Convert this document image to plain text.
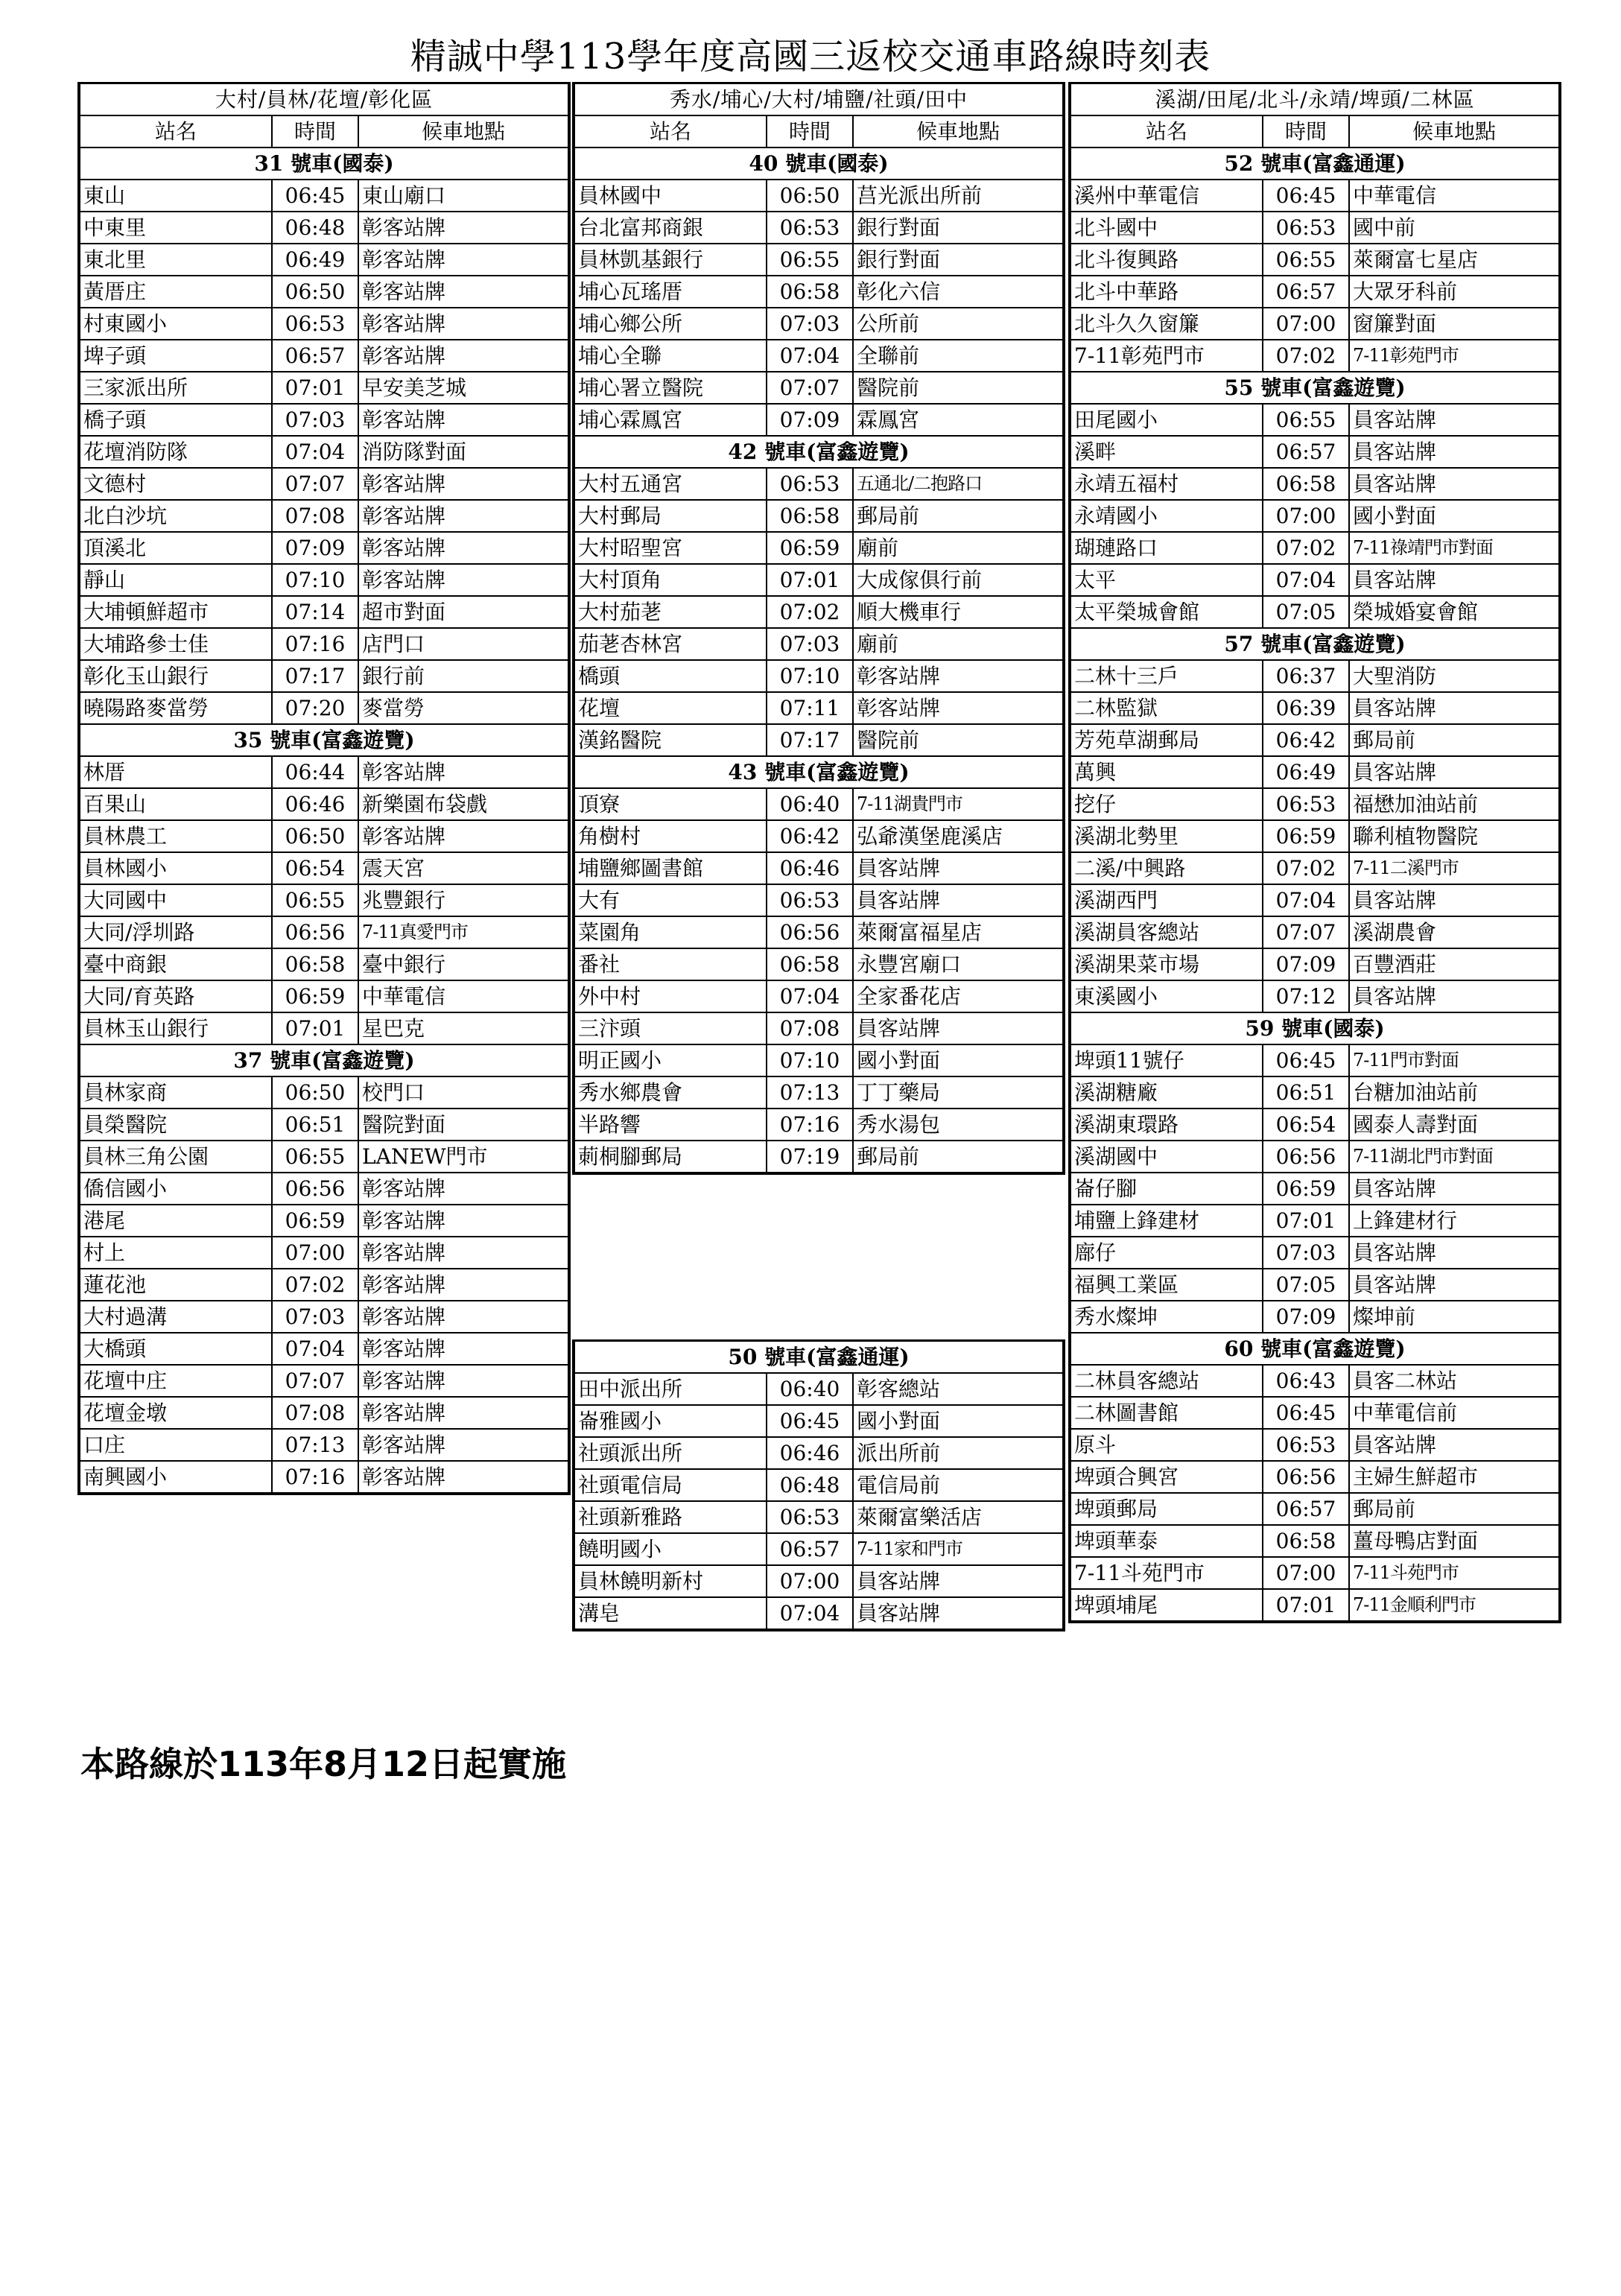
精誠中學113學年度高國三返校交通車路線時刻表
大村/員林/花壇/彰化區
站名	時間	候車地點
31 號車(國泰)
東山	06:45 東山廟口
中東里	06:48 彰客站牌
東北里	06:49 彰客站牌
黃厝庄	06:50 彰客站牌
村東國小	06:53 彰客站牌
埤子頭	06:57 彰客站牌
三家派出所	07:01 早安美芝城
橋子頭	07:03 彰客站牌
花壇消防隊	07:04 消防隊對面
文德村	07:07 彰客站牌
北白沙坑	07:08 彰客站牌
頂溪北	07:09 彰客站牌
靜山	07:10 彰客站牌
大埔頓鮮超市	07:14 超市對面
大埔路參士佳	07:16 店門口
彰化玉山銀行	07:17 銀行前
曉陽路麥當勞	07:20 麥當勞
35 號車(富鑫遊覽)
林厝	06:44 彰客站牌
百果山	06:46 新樂園布袋戲
員林農工	06:50 彰客站牌
員林國小	06:54 震天宮
大同國中	06:55 兆豐銀行
大同/浮圳路	06:56 7-11真愛門市
臺中商銀	06:58 臺中銀行
大同/育英路	06:59 中華電信
員林玉山銀行	07:01 星巴克
37 號車(富鑫遊覽)
員林家商	06:50 校門口
員榮醫院	06:51 醫院對面
員林三角公園	06:55 LANEW門市
僑信國小	06:56 彰客站牌
港尾	06:59 彰客站牌
村上	07:00 彰客站牌
蓮花池	07:02 彰客站牌
大村過溝	07:03 彰客站牌
大橋頭	07:04 彰客站牌
花壇中庄	07:07 彰客站牌
花壇金墩	07:08 彰客站牌
口庄	07:13 彰客站牌
南興國小	07:16 彰客站牌
秀水/埔心/大村/埔鹽/社頭/田中
站名	時間	候車地點
40 號車(國泰)
員林國中	06:50 莒光派出所前
台北富邦商銀	06:53 銀行對面
員林凱基銀行	06:55 銀行對面
埔心瓦瑤厝	06:58 彰化六信
埔心鄉公所	07:03 公所前
埔心全聯	07:04 全聯前
埔心署立醫院	07:07 醫院前
埔心霖鳳宮	07:09 霖鳳宮
42 號車(富鑫遊覽)
大村五通宮	06:53 五通北/二抱路口
大村郵局	06:58 郵局前
大村昭聖宮	06:59 廟前
大村頂角	07:01 大成傢俱行前
大村茄荖	07:02 順大機車行
茄荖杏林宮	07:03 廟前
橋頭	07:10 彰客站牌
花壇	07:11 彰客站牌
漢銘醫院	07:17 醫院前
43 號車(富鑫遊覽)
頂寮	06:40 7-11湖貴門市
角樹村	06:42 弘爺漢堡鹿溪店
埔鹽鄉圖書館	06:46 員客站牌
大有	06:53 員客站牌
菜園角	06:56 萊爾富福星店
番社	06:58 永豐宮廟口
外中村	07:04 全家番花店
三汴頭	07:08 員客站牌
明正國小	07:10 國小對面
秀水鄉農會	07:13 丁丁藥局
半路響	07:16 秀水湯包
莿桐腳郵局	07:19 郵局前
50 號車(富鑫通運)
田中派出所	06:40 彰客總站
崙雅國小	06:45 國小對面
社頭派出所	06:46 派出所前
社頭電信局	06:48 電信局前
社頭新雅路	06:53 萊爾富樂活店
饒明國小	06:57 7-11家和門市
員林饒明新村	07:00 員客站牌
溝皂	07:04 員客站牌
溪湖/田尾/北斗/永靖/埤頭/二林區
站名	時間	候車地點
52 號車(富鑫通運)
溪州中華電信	06:45 中華電信
北斗國中	06:53 國中前
北斗復興路	06:55 萊爾富七星店
北斗中華路	06:57 大眾牙科前
北斗久久窗簾	07:00 窗簾對面
7-11彰苑門市	07:02 7-11彰苑門市
55 號車(富鑫遊覽)
田尾國小	06:55 員客站牌
溪畔	06:57 員客站牌
永靖五福村	06:58 員客站牌
永靖國小	07:00 國小對面
瑚璉路口	07:02 7-11祿靖門市對面
太平	07:04 員客站牌
太平榮城會館	07:05 榮城婚宴會館
57 號車(富鑫遊覽)
二林十三戶	06:37 大聖消防
二林監獄	06:39 員客站牌
芳苑草湖郵局	06:42 郵局前
萬興	06:49 員客站牌
挖仔	06:53 福懋加油站前
溪湖北勢里	06:59 聯利植物醫院
二溪/中興路	07:02 7-11二溪門市
溪湖西門	07:04 員客站牌
溪湖員客總站	07:07 溪湖農會
溪湖果菜市場	07:09 百豐酒莊
東溪國小	07:12 員客站牌
59 號車(國泰)
埤頭11號仔	06:45 7-11門市對面
溪湖糖廠	06:51 台糖加油站前
溪湖東環路	06:54 國泰人壽對面
溪湖國中	06:56 7-11湖北門市對面
崙仔腳	06:59 員客站牌
埔鹽上鋒建材	07:01 上鋒建材行
廍仔	07:03 員客站牌
福興工業區	07:05 員客站牌
秀水燦坤	07:09 燦坤前
60 號車(富鑫遊覽)
二林員客總站	06:43 員客二林站
二林圖書館	06:45 中華電信前
原斗	06:53 員客站牌
埤頭合興宮	06:56 主婦生鮮超市
埤頭郵局	06:57 郵局前
埤頭華泰	06:58 薑母鴨店對面
7-11斗苑門市	07:00 7-11斗苑門市
埤頭埔尾	07:01 7-11金順利門市
本路線於113年8月12日起實施
